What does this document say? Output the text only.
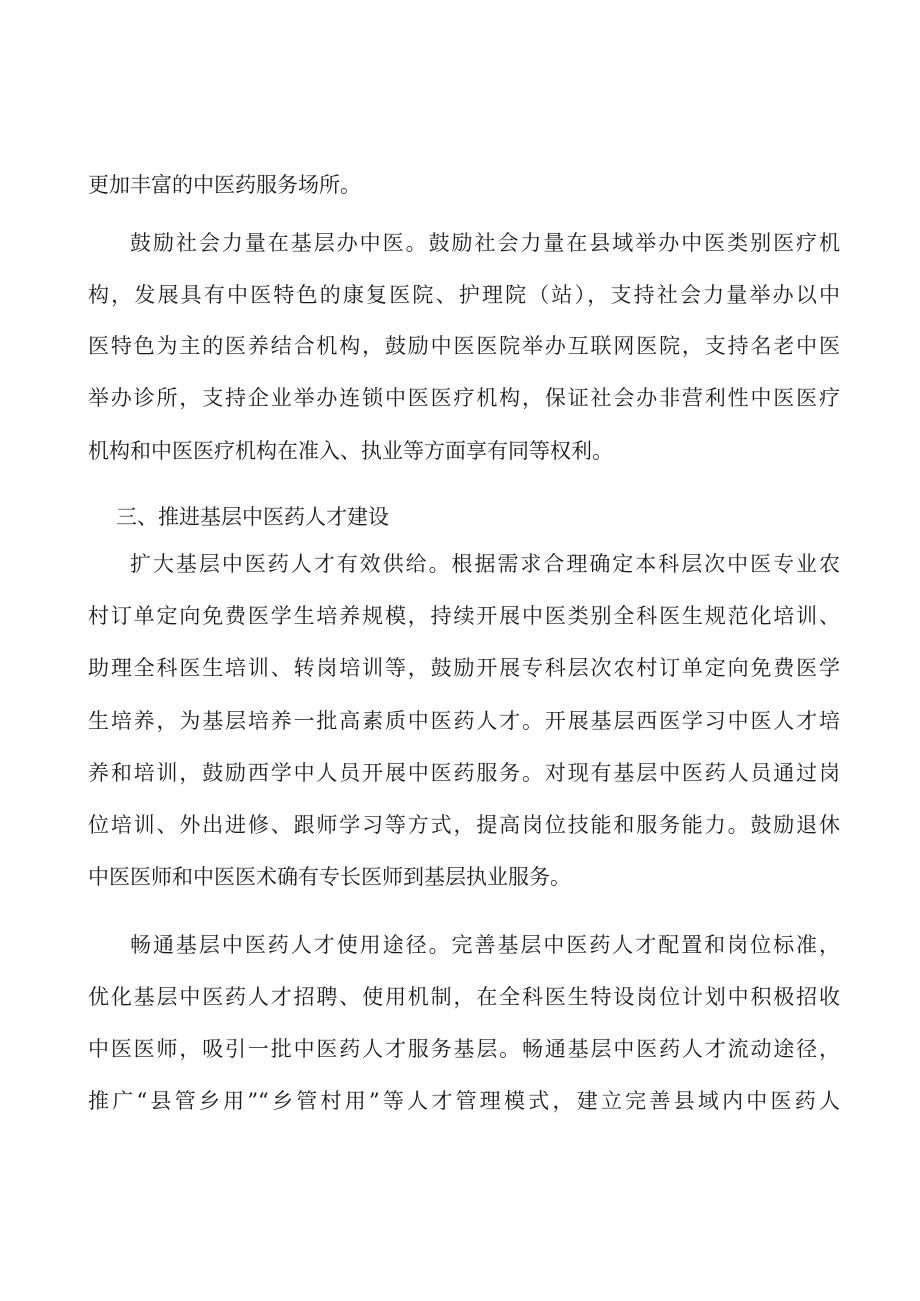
更加丰富的中医药服务场所。

鼓励社会力量在基层办中医。鼓励社会力量在县域举办中医类别医疗机

构，发展具有中医特色的康复医院、护理院（站），支持社会力量举办以中

医特色为主的医养结合机构，鼓励中医医院举办互联网医院，支持名老中医

举办诊所，支持企业举办连锁中医医疗机构，保证社会办非营利性中医医疗

机构和中医医疗机构在准入、执业等方面享有同等权利。

三、推进基层中医药人才建设

扩大基层中医药人才有效供给。根据需求合理确定本科层次中医专业农

村订单定向免费医学生培养规模，持续开展中医类别全科医生规范化培训、

助理全科医生培训、转岗培训等，鼓励开展专科层次农村订单定向免费医学

生培养，为基层培养一批高素质中医药人才。开展基层西医学习中医人才培

养和培训，鼓励西学中人员开展中医药服务。对现有基层中医药人员通过岗

位培训、外出进修、跟师学习等方式，提高岗位技能和服务能力。鼓励退休

中医医师和中医医术确有专长医师到基层执业服务。

畅通基层中医药人才使用途径。完善基层中医药人才配置和岗位标准，

优化基层中医药人才招聘、使用机制，在全科医生特设岗位计划中积极招收

中医医师，吸引一批中医药人才服务基层。畅通基层中医药人才流动途径，

推广“县管乡用”“乡管村用”等人才管理模式，建立完善县域内中医药人
